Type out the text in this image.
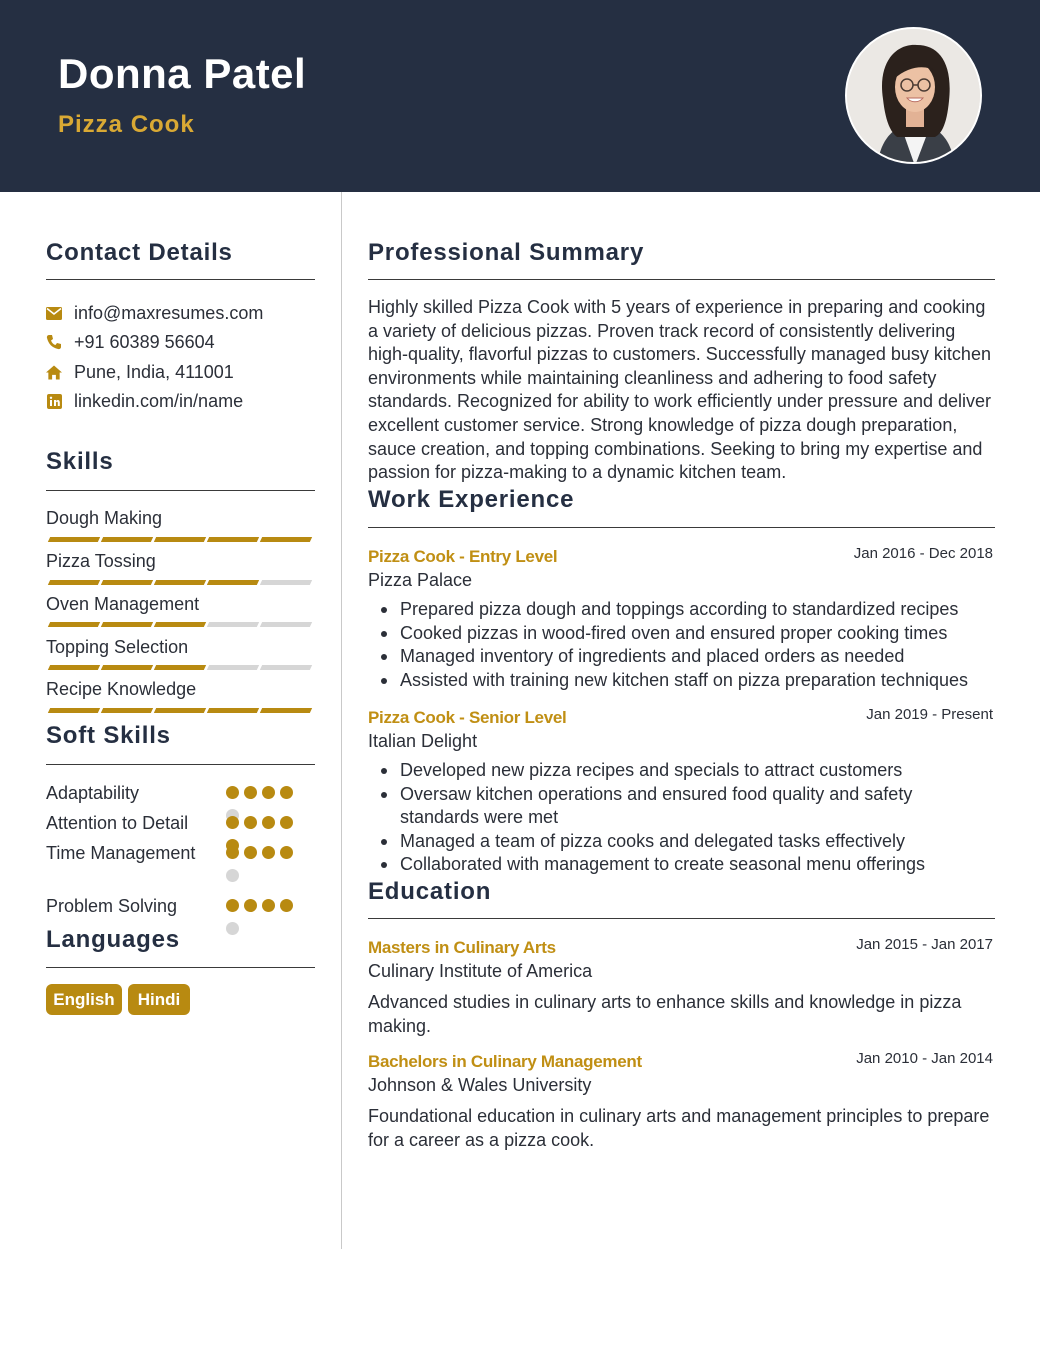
Donna Patel
Pizza Cook
Contact Details
info@maxresumes.com
+91 60389 56604
Pune, India, 411001
linkedin.com/in/name
Skills
Dough Making
Pizza Tossing
Oven Management
Topping Selection
Recipe Knowledge
Soft Skills
Adaptability
Attention to Detail
Time Management
Problem Solving
Languages
English	Hindi
Professional Summary
Highly skilled Pizza Cook with 5 years of experience in preparing and cooking a variety of delicious pizzas. Proven track record of consistently delivering high-quality, flavorful pizzas to customers. Successfully managed busy kitchen environments while maintaining cleanliness and adhering to food safety standards. Recognized for ability to work efficiently under pressure and deliver excellent customer service. Strong knowledge of pizza dough preparation, sauce creation, and topping combinations. Seeking to bring my expertise and passion for pizza-making to a dynamic kitchen team.
Work Experience
Pizza Cook - Entry Level	Jan 2016 - Dec 2018
Pizza Palace
Prepared pizza dough and toppings according to standardized recipes
Cooked pizzas in wood-fired oven and ensured proper cooking times
Managed inventory of ingredients and placed orders as needed
Assisted with training new kitchen staff on pizza preparation techniques
Pizza Cook - Senior Level	Jan 2019 - Present
Italian Delight
Developed new pizza recipes and specials to attract customers
Oversaw kitchen operations and ensured food quality and safety standards were met
Managed a team of pizza cooks and delegated tasks effectively
Collaborated with management to create seasonal menu offerings
Education
Masters in Culinary Arts	Jan 2015 - Jan 2017
Culinary Institute of America
Advanced studies in culinary arts to enhance skills and knowledge in pizza making.
Bachelors in Culinary Management	Jan 2010 - Jan 2014
Johnson & Wales University
Foundational education in culinary arts and management principles to prepare for a career as a pizza cook.
